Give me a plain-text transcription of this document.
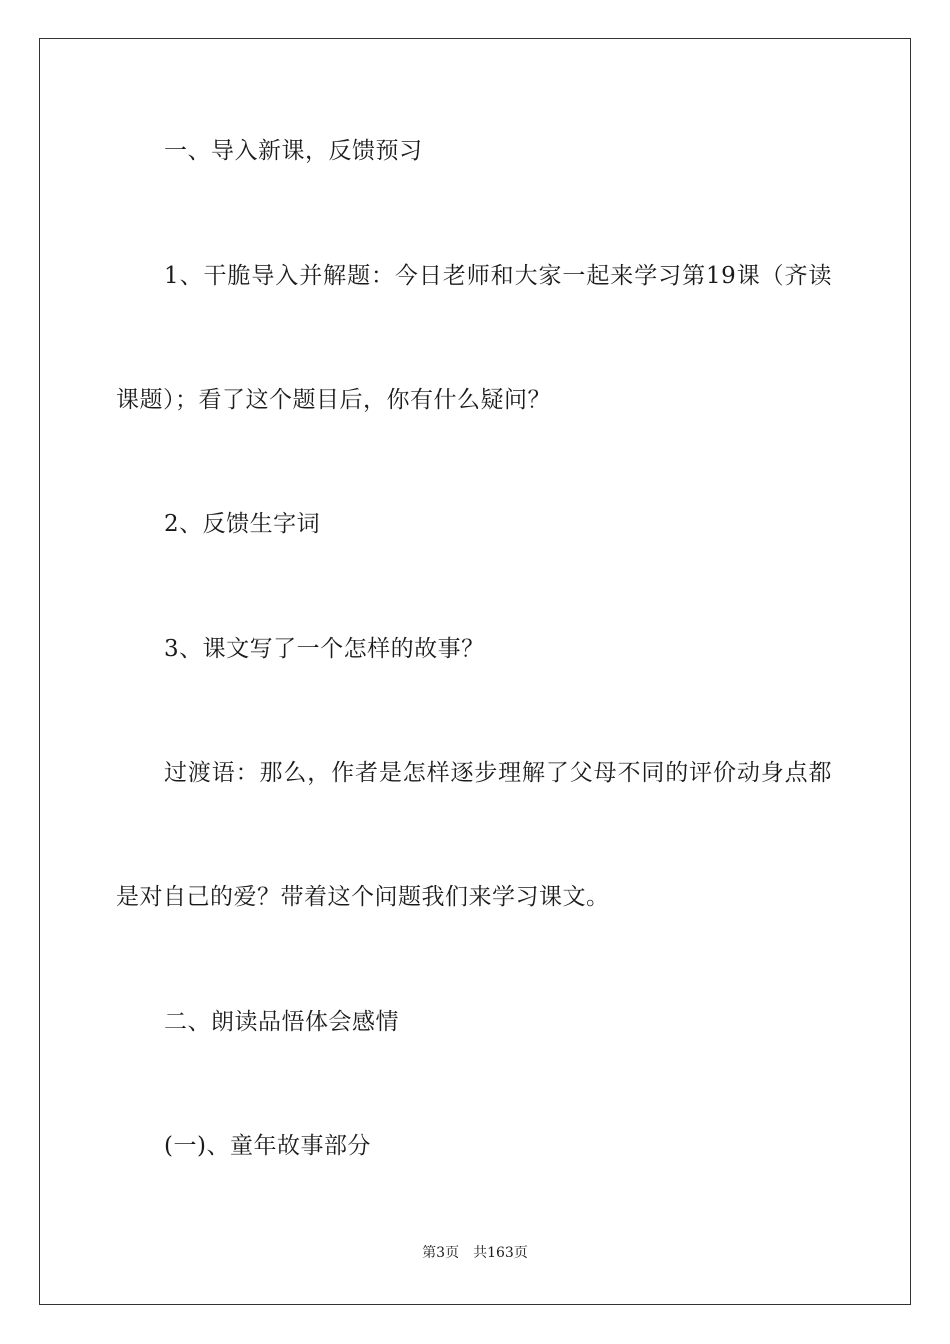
一、导入新课，反馈预习
1、干脆导入并解题：今日老师和大家一起来学习第19课（齐读
课题）；看了这个题目后，你有什么疑问？
2、反馈生字词
3、课文写了一个怎样的故事？
过渡语：那么，作者是怎样逐步理解了父母不同的评价动身点都
是对自己的爱？带着这个问题我们来学习课文。
二、朗读品悟体会感情
(一)、童年故事部分
第3页 共163页
